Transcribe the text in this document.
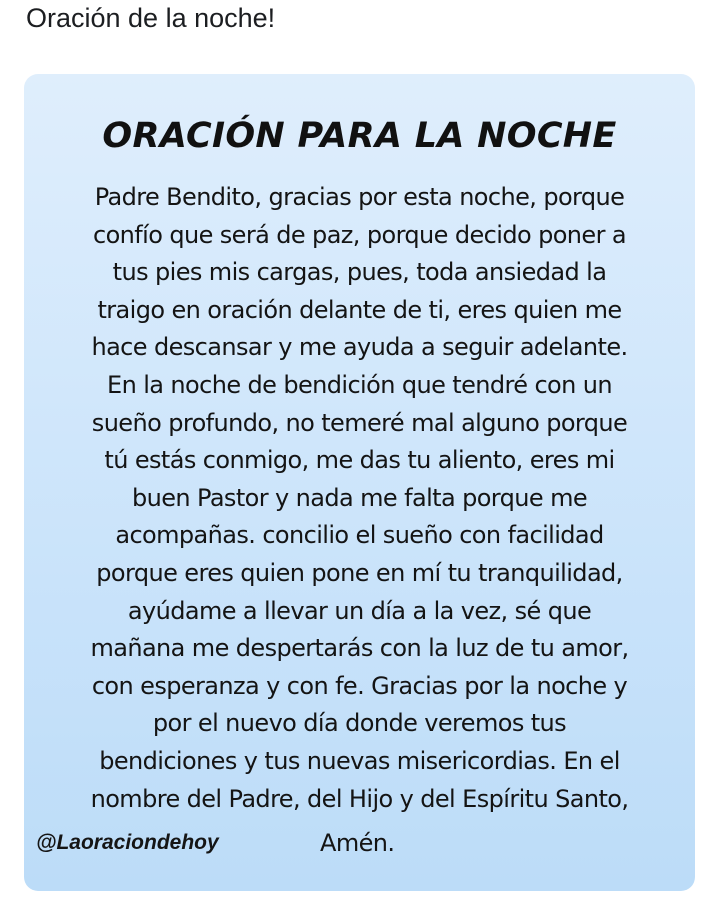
Oración de la noche!
ORACIÓN PARA LA NOCHE
Padre Bendito, gracias por esta noche, porque
confío que será de paz, porque decido poner a
tus pies mis cargas, pues, toda ansiedad la
traigo en oración delante de ti, eres quien me
hace descansar y me ayuda a seguir adelante.
En la noche de bendición que tendré con un
sueño profundo, no temeré mal alguno porque
tú estás conmigo, me das tu aliento, eres mi
buen Pastor y nada me falta porque me
acompañas. concilio el sueño con facilidad
porque eres quien pone en mí tu tranquilidad,
ayúdame a llevar un día a la vez, sé que
mañana me despertarás con la luz de tu amor,
con esperanza y con fe. Gracias por la noche y
por el nuevo día donde veremos tus
bendiciones y tus nuevas misericordias. En el
nombre del Padre, del Hijo y del Espíritu Santo,
@Laoraciondehoy	Amén.
